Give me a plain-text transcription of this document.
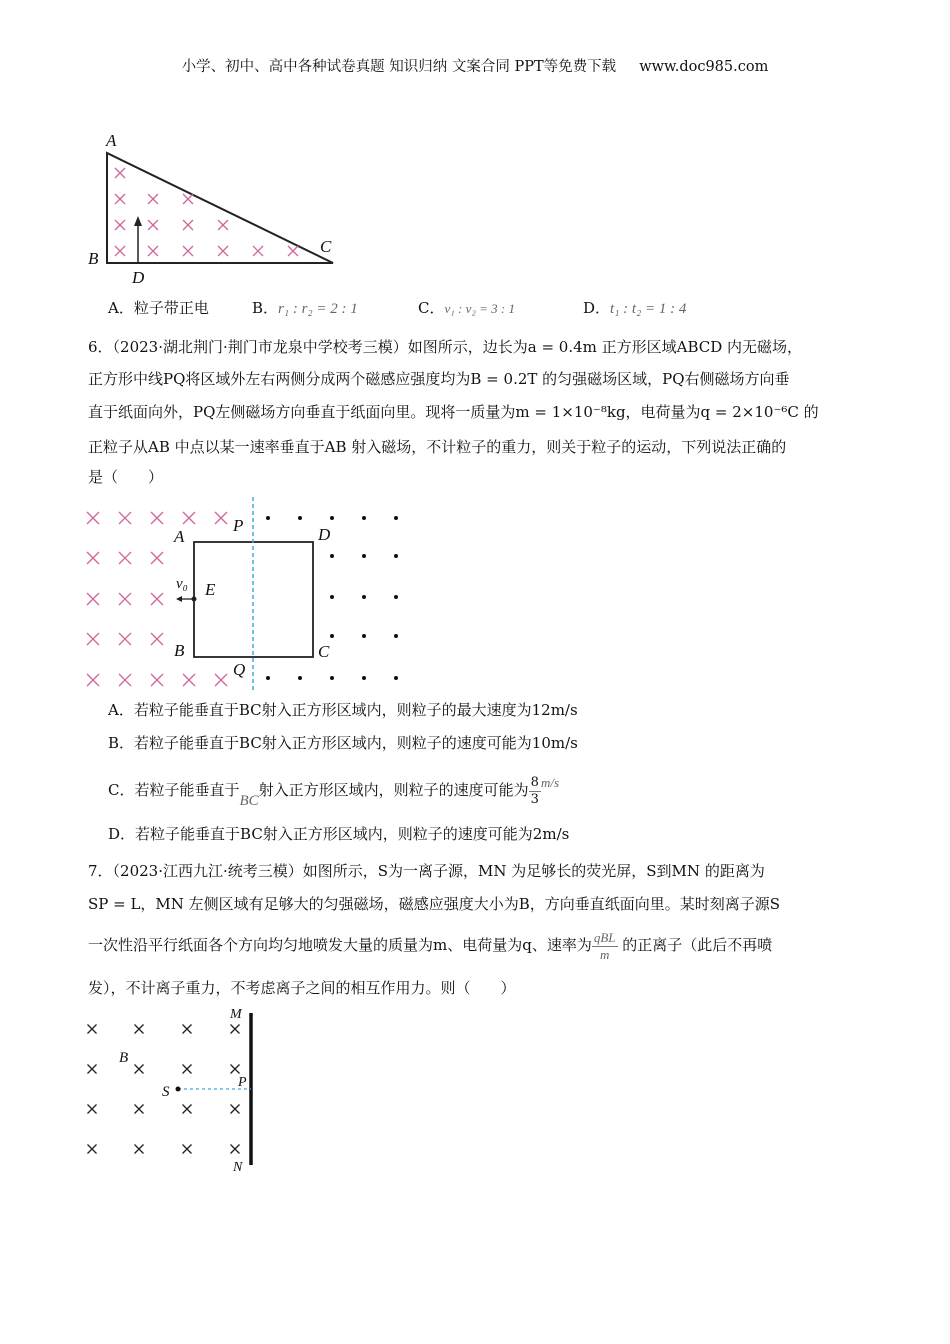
小学、初中、高中各种试卷真题 知识归纳 文案合同 PPT等免费下载 www.doc985.com
A
B
C
D
A
P	D
E
v₀
B
Q
C
M
N
B
S
P
A．粒子带正电	B．r₁ : r₂ = 2 : 1	C．v₁ : v₂ = 3 : 1	D．t₁ : t₂ = 1 : 4
6．（2023·湖北荆门·荆门市龙泉中学校考三模）如图所示，边长为a = 0.4m 正方形区域ABCD 内无磁场，
正方形中线PQ将区域外左右两侧分成两个磁感应强度均为B = 0.2T 的匀强磁场区域，PQ右侧磁场方向垂
直于纸面向外，PQ左侧磁场方向垂直于纸面向里。现将一质量为m = 1×10⁻⁸kg，电荷量为q = 2×10⁻⁶C 的
正粒子从AB 中点以某一速率垂直于AB 射入磁场，不计粒子的重力，则关于粒子的运动，下列说法正确的
是（　　）
A．若粒子能垂直于BC射入正方形区域内，则粒子的最大速度为12m/s
B．若粒子能垂直于BC射入正方形区域内，则粒子的速度可能为10m/s
C．若粒子能垂直于BC射入正方形区域内，则粒子的速度可能为 $\frac{8}{3} m/s$
D．若粒子能垂直于BC射入正方形区域内，则粒子的速度可能为2m/s
7．（2023·江西九江·统考三模）如图所示，S为一离子源，MN 为足够长的荧光屏，S到MN 的距离为
SP = L，MN 左侧区域有足够大的匀强磁场，磁感应强度大小为B，方向垂直纸面向里。某时刻离子源S
一次性沿平行纸面各个方向均匀地喷发大量的质量为m、电荷量为q、速率为 $\frac{\text{qBL}}{m}$ 的正离子（此后不再喷
发），不计离子重力，不考虑离子之间的相互作用力。则（　　）
